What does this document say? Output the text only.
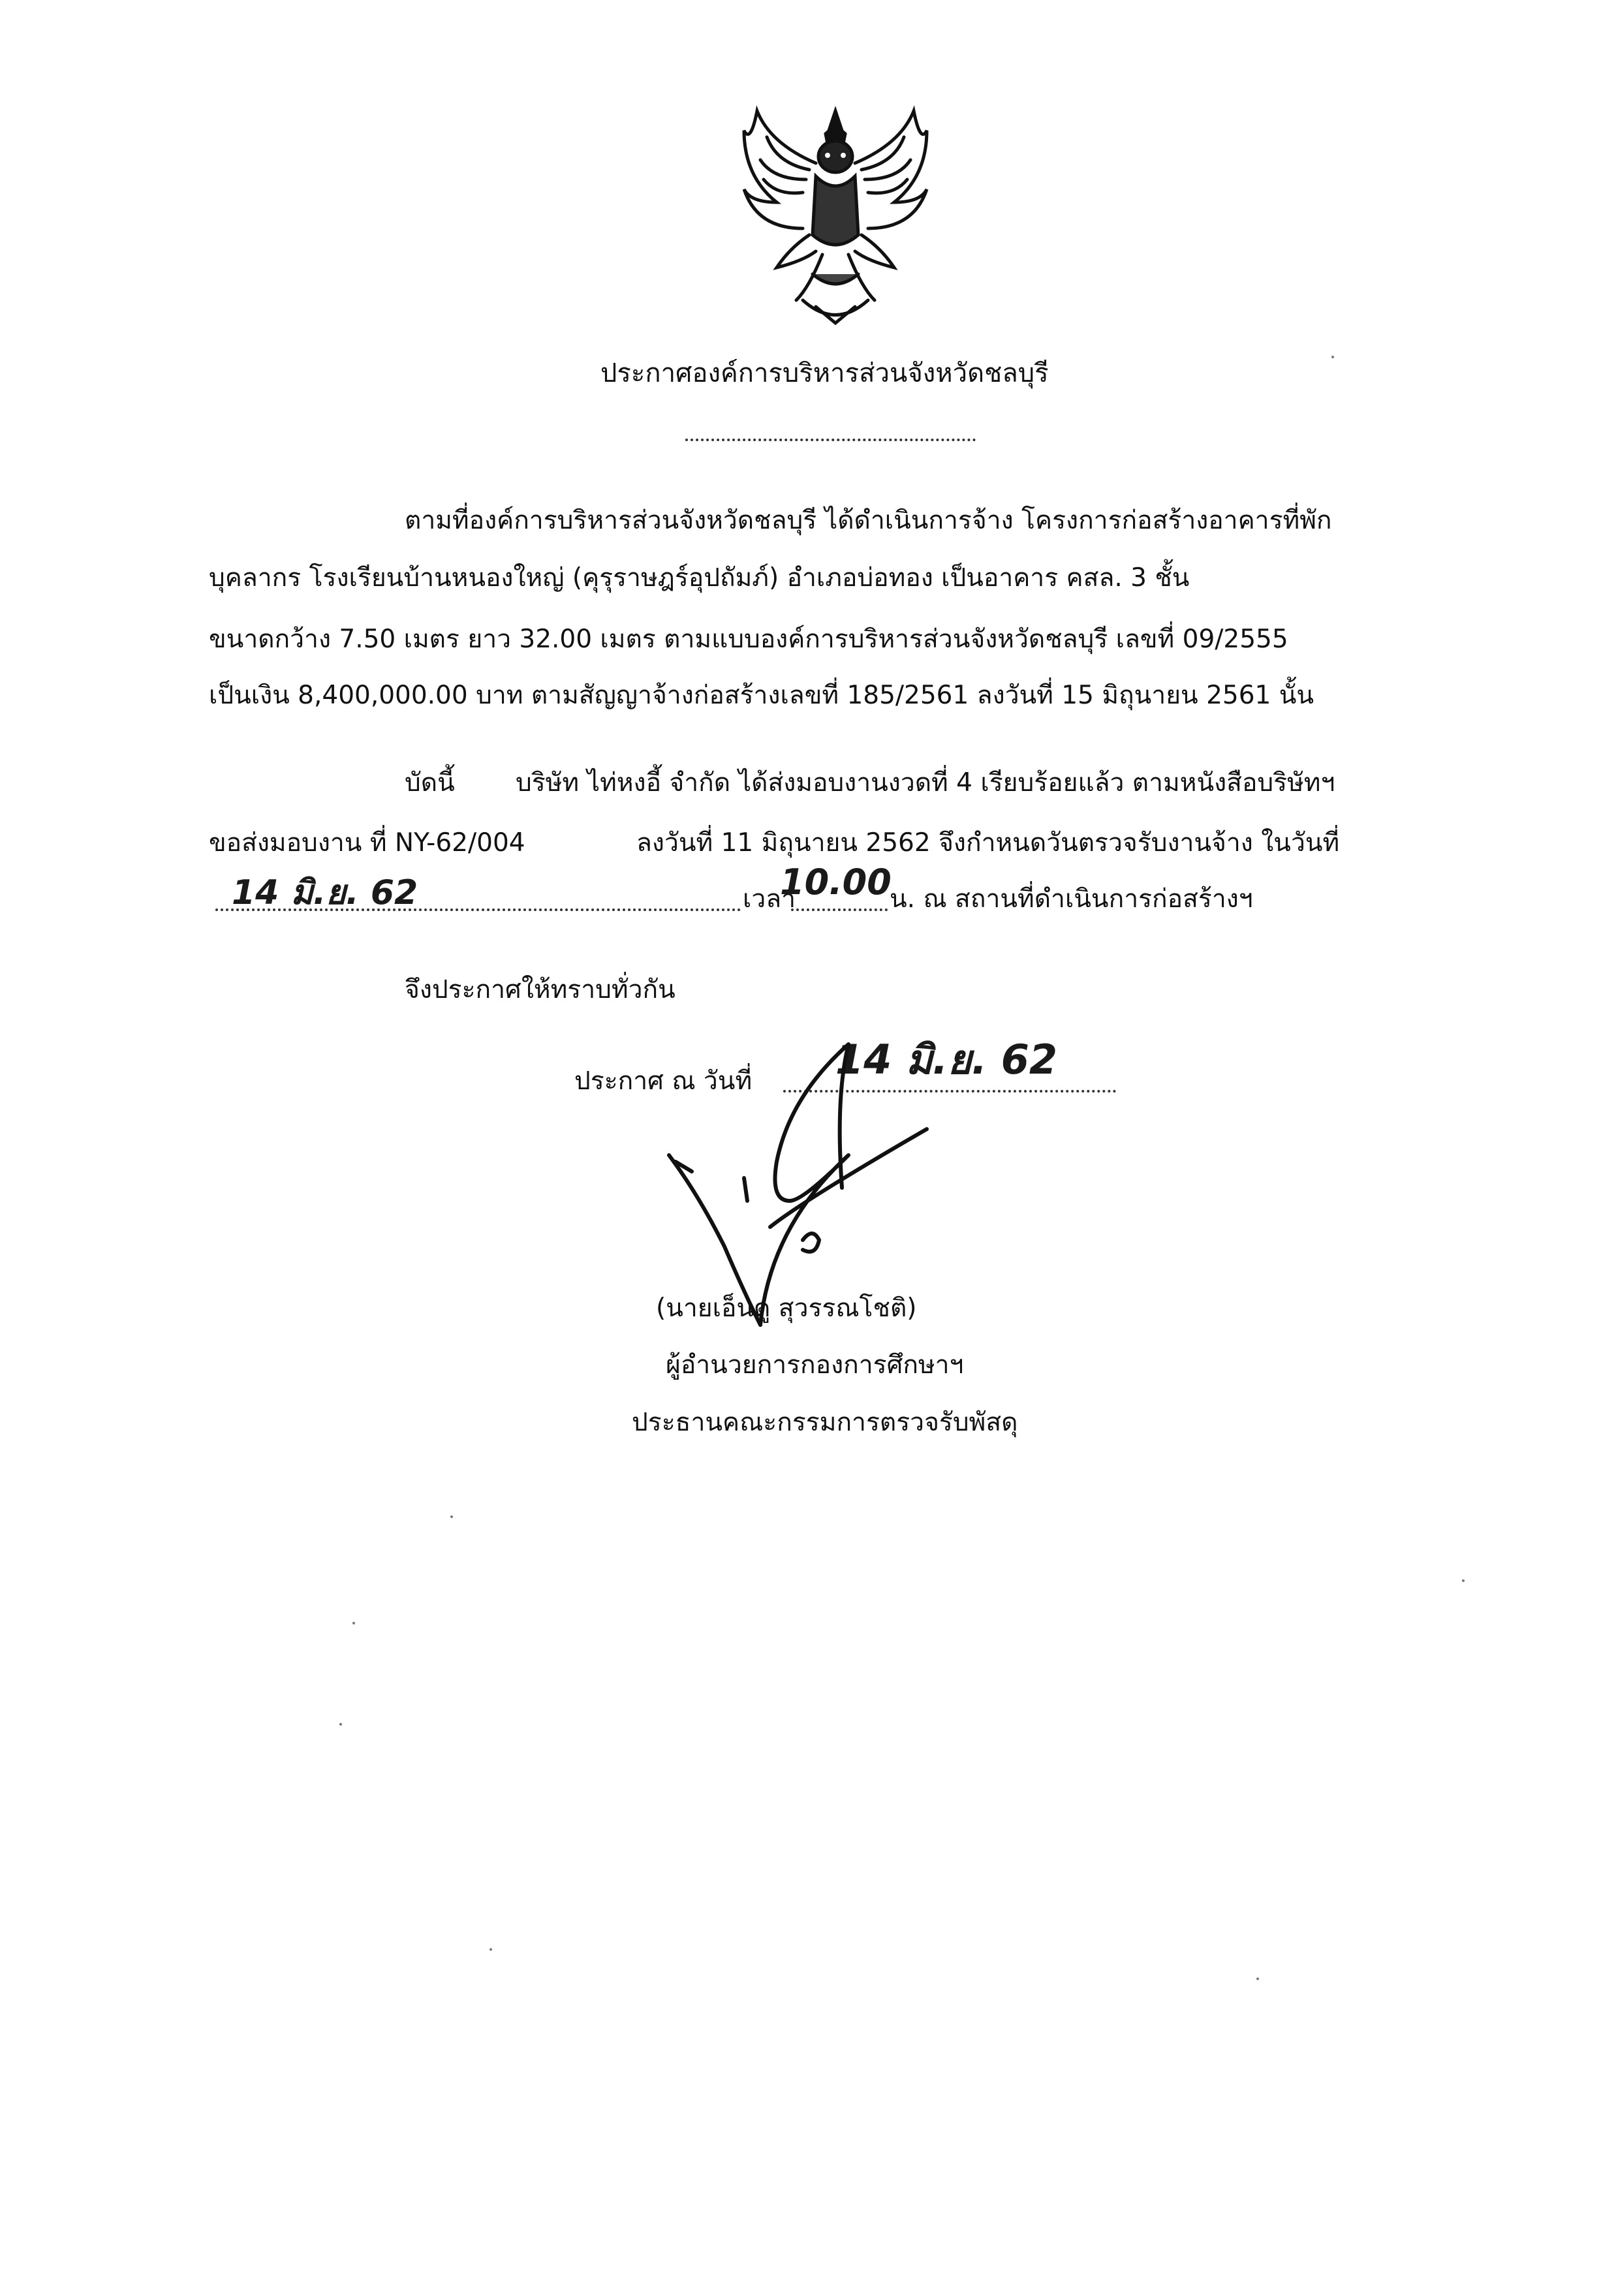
ประกาศองค์การบริหารส่วนจังหวัดชลบุรี
ตามที่องค์การบริหารส่วนจังหวัดชลบุรี ได้ดำเนินการจ้าง โครงการก่อสร้างอาคารที่พัก
บุคลากร โรงเรียนบ้านหนองใหญ่ (คุรุราษฎร์อุปถัมภ์) อำเภอบ่อทอง เป็นอาคาร คสล. 3 ชั้น
ขนาดกว้าง 7.50 เมตร ยาว 32.00 เมตร ตามแบบองค์การบริหารส่วนจังหวัดชลบุรี เลขที่ 09/2555
เป็นเงิน 8,400,000.00 บาท ตามสัญญาจ้างก่อสร้างเลขที่ 185/2561 ลงวันที่ 15 มิถุนายน 2561 นั้น
บัดนี้ บริษัท ไท่หงอี้ จำกัด ได้ส่งมอบงานงวดที่ 4 เรียบร้อยแล้ว ตามหนังสือบริษัทฯ
ขอส่งมอบงาน ที่ NY-62/004	ลงวันที่ 11 มิถุนายน 2562 จึงกำหนดวันตรวจรับงานจ้าง ในวันที่
14 มิ.ย. 62	เวลา
10.00
น. ณ สถานที่ดำเนินการก่อสร้างฯ
จึงประกาศให้ทราบทั่วกัน
ประกาศ ณ วันที่ 14 มิ.ย. 62
(นายเอ็นดู สุวรรณโชติ)
ผู้อำนวยการกองการศึกษาฯ
ประธานคณะกรรมการตรวจรับพัสดุ
